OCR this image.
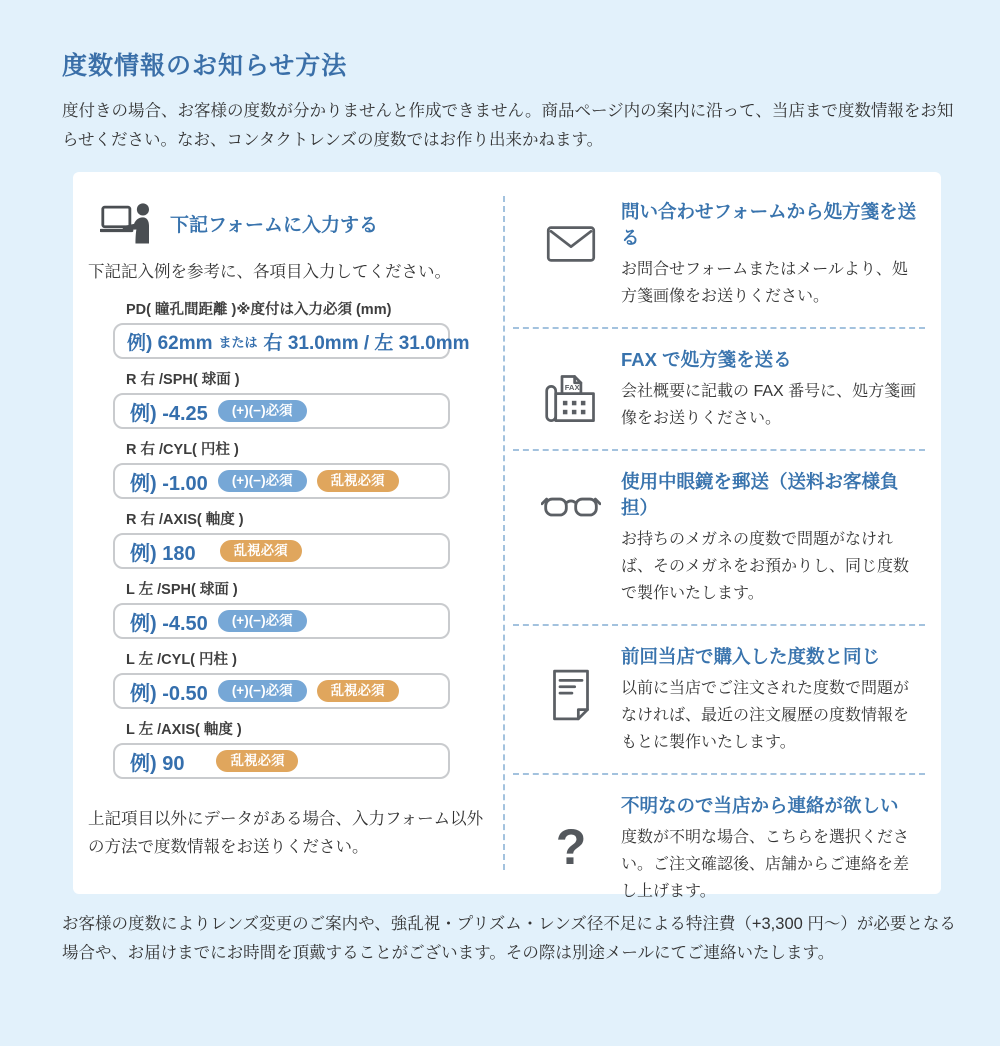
度数情報のお知らせ方法

度付きの場合、お客様の度数が分かりませんと作成できません。商品ページ内の案内に沿って、当店まで度数情報をお知らせください。なお、コンタクトレンズの度数ではお作り出来かねます。

下記フォームに入力する

下記記入例を参考に、各項目入力してください。

PD( 瞳孔間距離 )※度付は入力必須 (mm)
例) 62mm または 右 31.0mm / 左 31.0mm
R 右 /SPH( 球面 )
例) -4.25	(+)(−)必須
R 右 /CYL( 円柱 )
例) -1.00	(+)(−)必須	乱視必須
R 右 /AXIS( 軸度 )
例) 180	乱視必須
L 左 /SPH( 球面 )
例) -4.50	(+)(−)必須
L 左 /CYL( 円柱 )
例) -0.50	(+)(−)必須	乱視必須
L 左 /AXIS( 軸度 )
例) 90	乱視必須

上記項目以外にデータがある場合、入力フォーム以外の方法で度数情報をお送りください。

問い合わせフォームから処方箋を送る
お問合せフォームまたはメールより、処方箋画像をお送りください。
FAX
FAX で処方箋を送る
会社概要に記載の FAX 番号に、処方箋画像をお送りください。
使用中眼鏡を郵送（送料お客様負担）
お持ちのメガネの度数で問題がなければ、そのメガネをお預かりし、同じ度数で製作いたします。
前回当店で購入した度数と同じ
以前に当店でご注文された度数で問題がなければ、最近の注文履歴の度数情報をもとに製作いたします。
?
不明なので当店から連絡が欲しい
度数が不明な場合、こちらを選択ください。ご注文確認後、店舗からご連絡を差し上げます。

お客様の度数によりレンズ変更のご案内や、強乱視・プリズム・レンズ径不足による特注費（+3,300 円～）が必要となる場合や、お届けまでにお時間を頂戴することがございます。その際は別途メールにてご連絡いたします。
